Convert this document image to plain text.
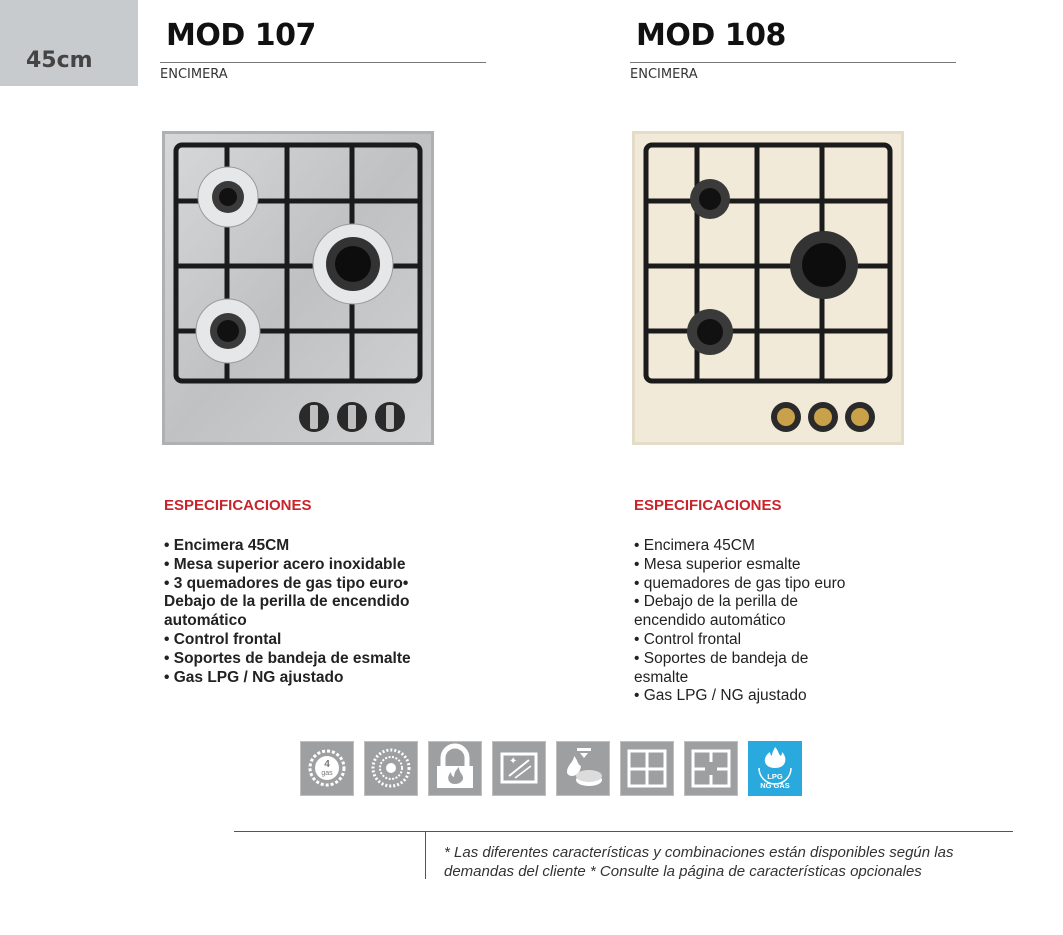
45cm
MOD 107
ENCIMERA
ESPECIFICACIONES
• Encimera 45CM
• Mesa superior acero inoxidable
• 3 quemadores de gas tipo euro• Debajo de la perilla de encendido automático
• Control frontal
• Soportes de bandeja de esmalte
• Gas LPG / NG ajustado
MOD 108
ENCIMERA
ESPECIFICACIONES
• Encimera 45CM
• Mesa superior esmalte
• quemadores de gas tipo euro
• Debajo de la perilla de encendido automático
• Control frontal
• Soportes de bandeja de esmalte
• Gas LPG / NG ajustado
4
gas
✦
LPG
NG GAS
* Las diferentes características y combinaciones están disponibles según las demandas del cliente * Consulte la página de características opcionales
